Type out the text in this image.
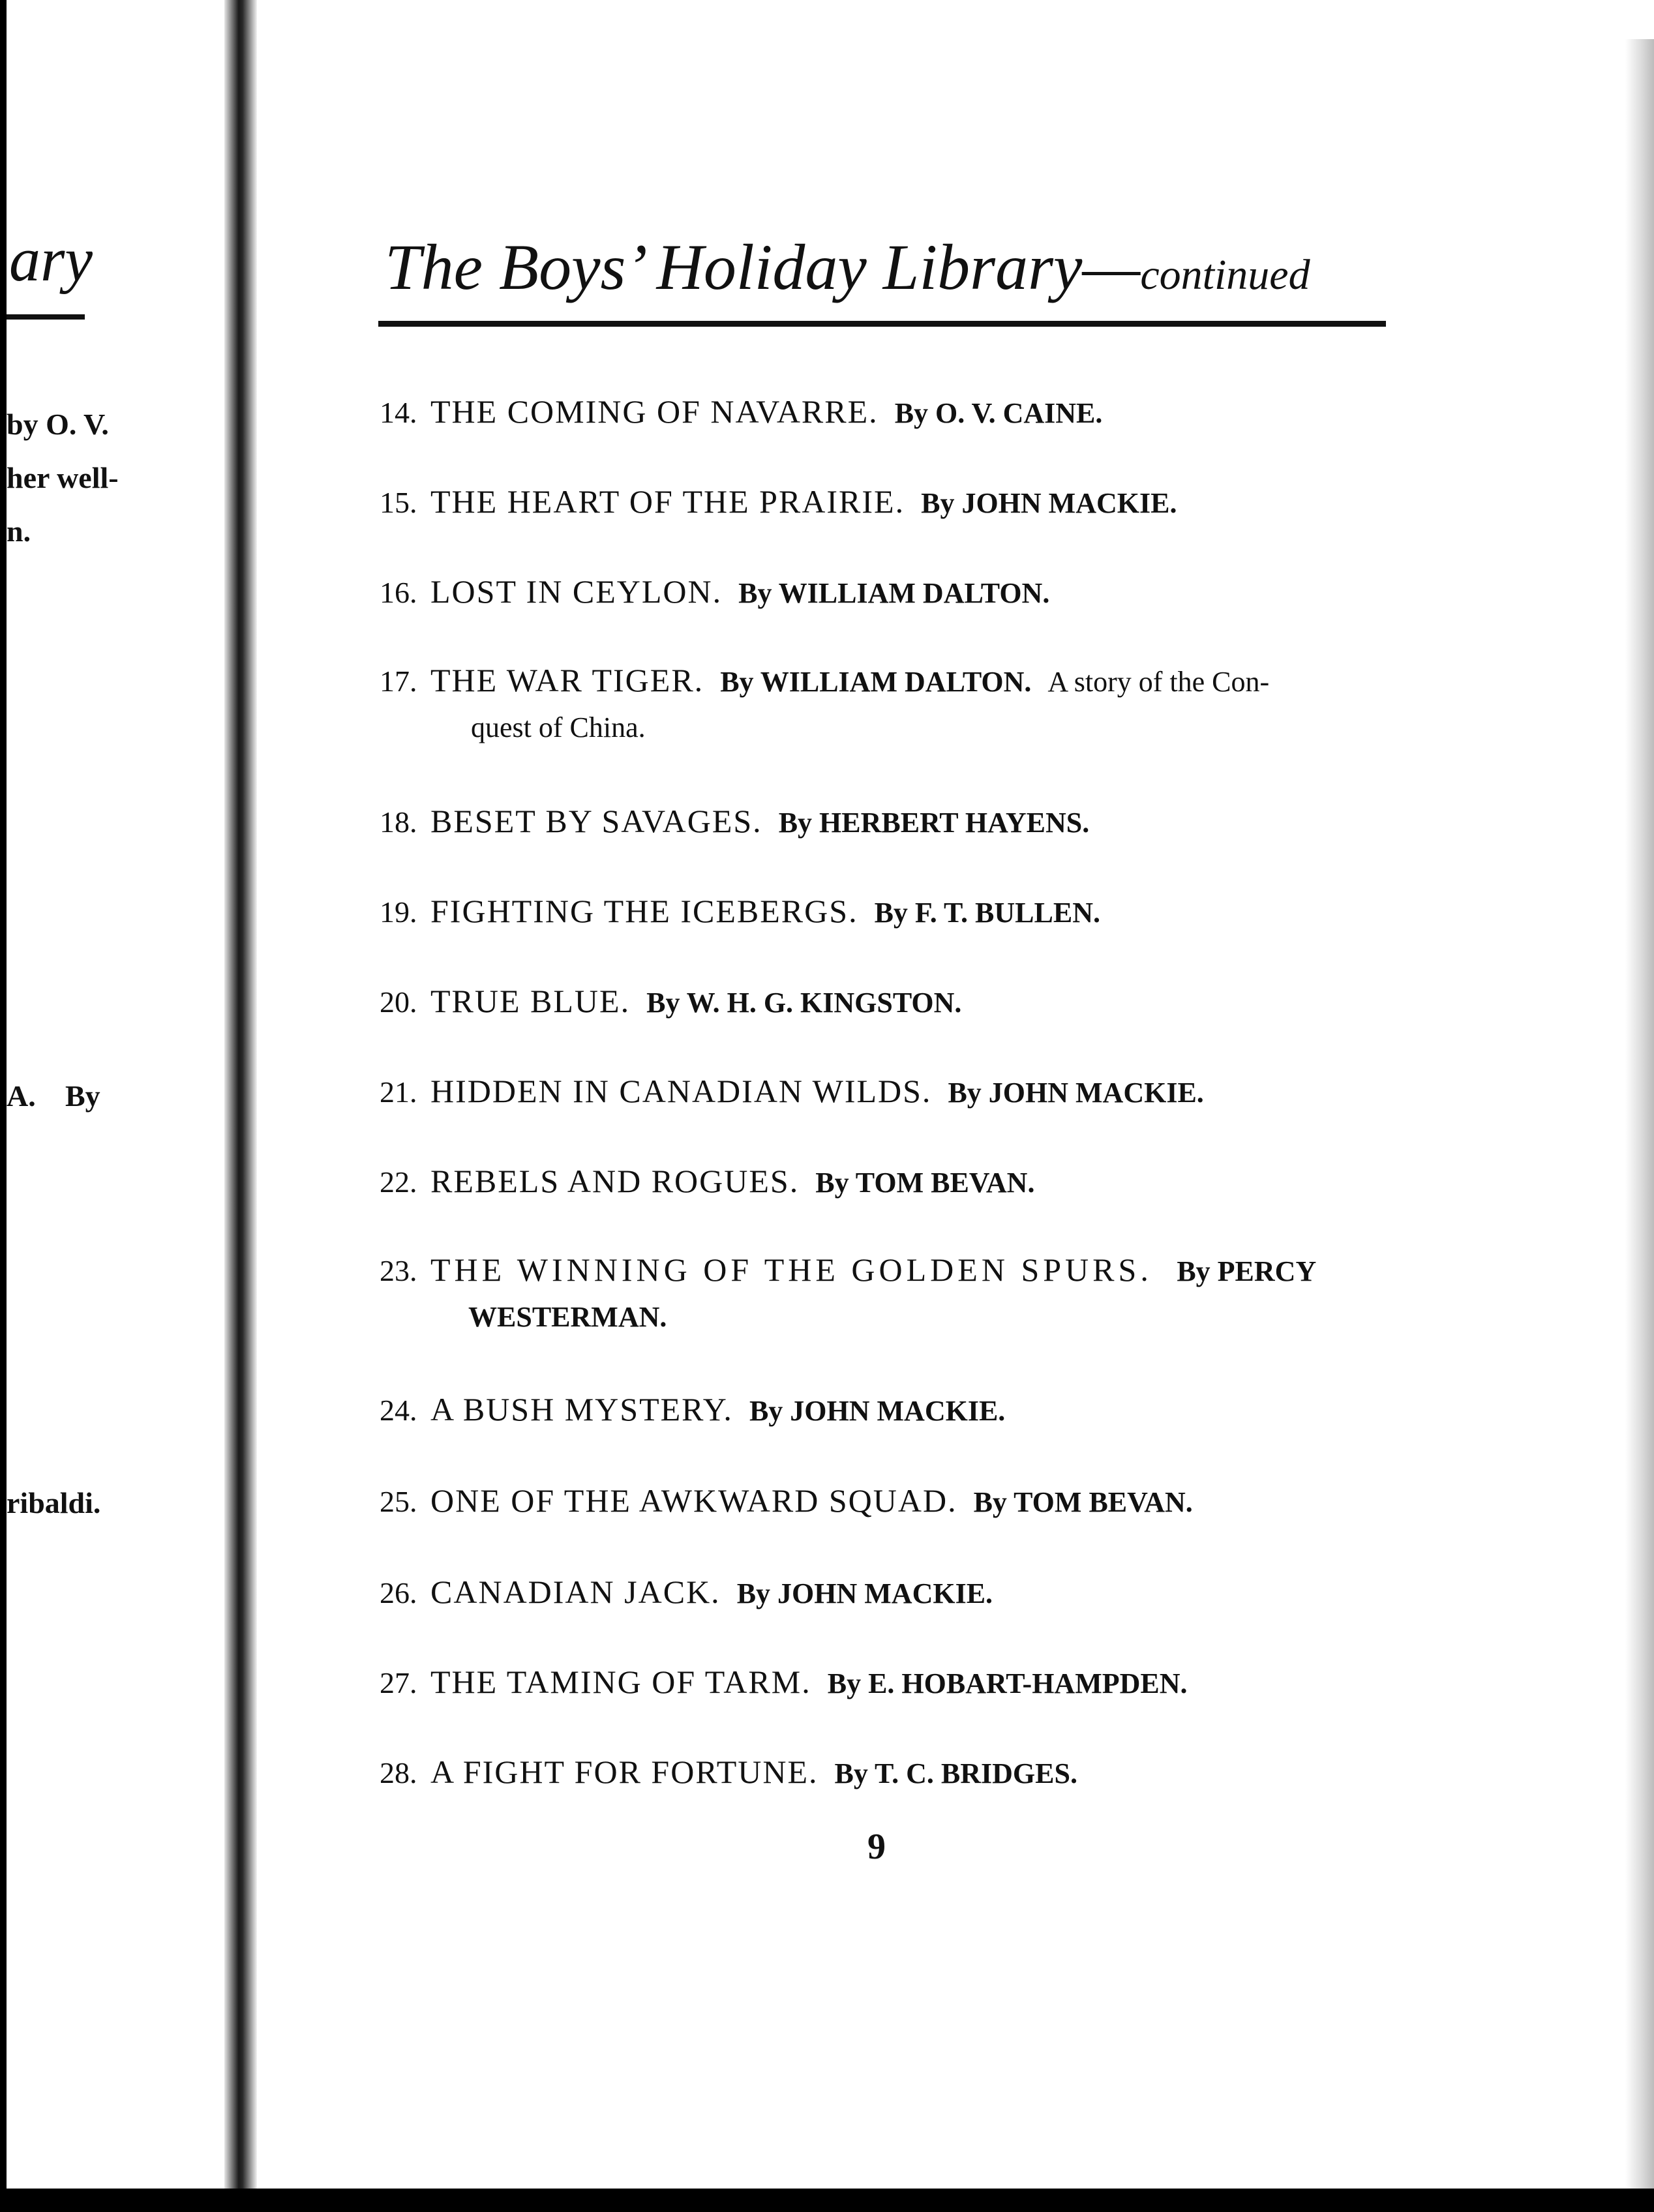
ary
by O. V.
her well-
n.
A. By
ribaldi.
The Boys’ Holiday Library—continued
14. THE COMING OF NAVARRE. By O. V. CAINE.
15. THE HEART OF THE PRAIRIE. By JOHN MACKIE.
16. LOST IN CEYLON. By WILLIAM DALTON.
17. THE WAR TIGER. By WILLIAM DALTON. A story of the Con-
quest of China.
18. BESET BY SAVAGES. By HERBERT HAYENS.
19. FIGHTING THE ICEBERGS. By F. T. BULLEN.
20. TRUE BLUE. By W. H. G. KINGSTON.
21. HIDDEN IN CANADIAN WILDS. By JOHN MACKIE.
22. REBELS AND ROGUES. By TOM BEVAN.
23. THE WINNING OF THE GOLDEN SPURS. By PERCY
WESTERMAN.
24. A BUSH MYSTERY. By JOHN MACKIE.
25. ONE OF THE AWKWARD SQUAD. By TOM BEVAN.
26. CANADIAN JACK. By JOHN MACKIE.
27. THE TAMING OF TARM. By E. HOBART-HAMPDEN.
28. A FIGHT FOR FORTUNE. By T. C. BRIDGES.
9
